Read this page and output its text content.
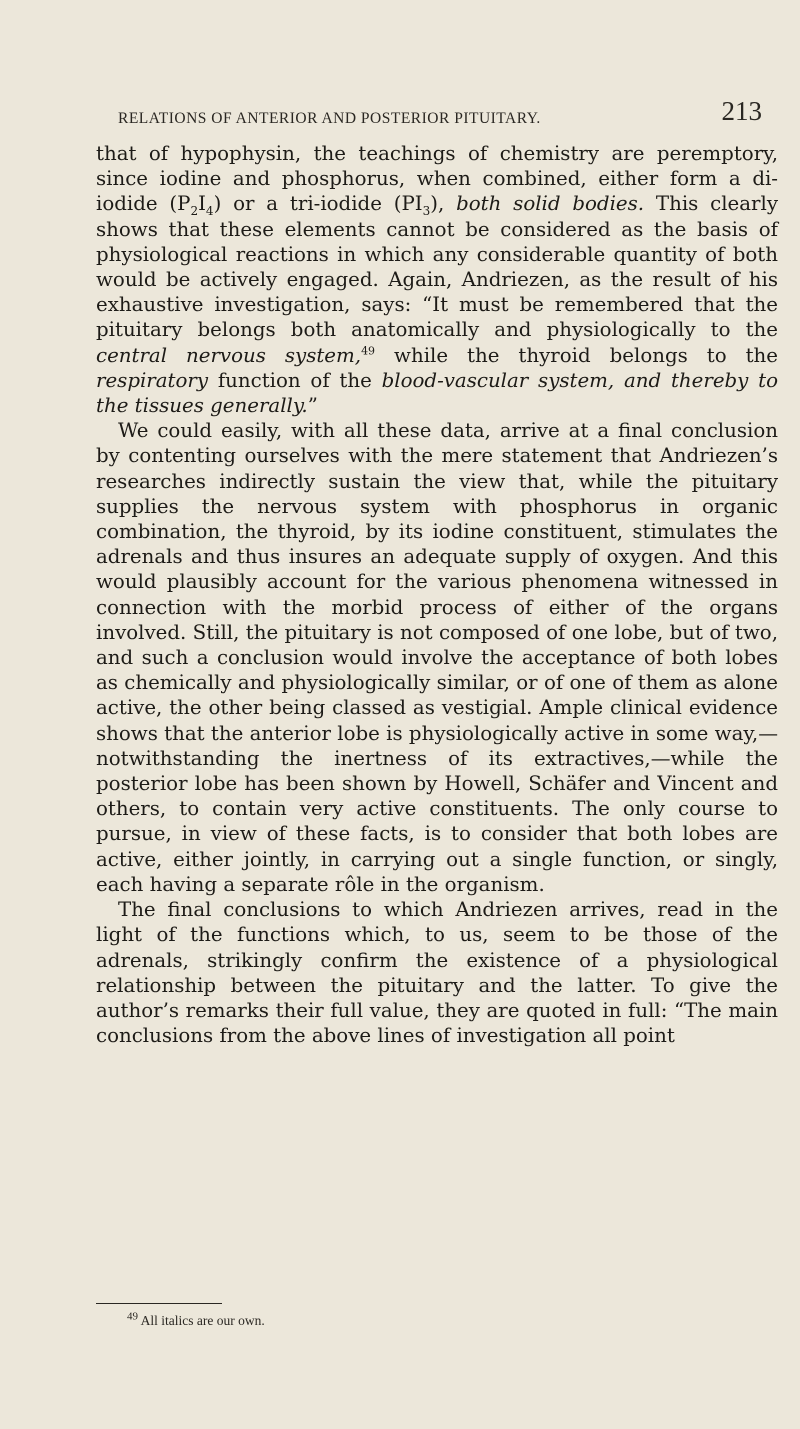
RELATIONS OF ANTERIOR AND POSTERIOR PITUITARY.	213

that of hypophysin, the teachings of chemistry are peremptory, since iodine and phosphorus, when combined, either form a di-iodide $(P_2I_4)$ or a tri-iodide $(PI_3)$, both solid bodies. This clearly shows that these elements cannot be considered as the basis of physiological reactions in which any considerable quantity of both would be actively engaged. Again, Andriezen, as the result of his exhaustive investigation, says: “It must be remembered that the pituitary belongs both anatomically and physiologically to the central nervous system,$^{49}$ while the thyroid belongs to the respiratory function of the blood-vascular system, and thereby to the tissues generally.”

We could easily, with all these data, arrive at a final conclusion by contenting ourselves with the mere statement that Andriezen’s researches indirectly sustain the view that, while the pituitary supplies the nervous system with phosphorus in organic combination, the thyroid, by its iodine constituent, stimulates the adrenals and thus insures an adequate supply of oxygen. And this would plausibly account for the various phenomena witnessed in connection with the morbid process of either of the organs involved. Still, the pituitary is not composed of one lobe, but of two, and such a conclusion would involve the acceptance of both lobes as chemically and physiologically similar, or of one of them as alone active, the other being classed as vestigial. Ample clinical evidence shows that the anterior lobe is physiologically active in some way,—notwithstanding the inertness of its extractives,—while the posterior lobe has been shown by Howell, Schäfer and Vincent and others, to contain very active constituents. The only course to pursue, in view of these facts, is to consider that both lobes are active, either jointly, in carrying out a single function, or singly, each having a separate rôle in the organism.

The final conclusions to which Andriezen arrives, read in the light of the functions which, to us, seem to be those of the adrenals, strikingly confirm the existence of a physiological relationship between the pituitary and the latter. To give the author’s remarks their full value, they are quoted in full: “The main conclusions from the above lines of investigation all point

$^{49}$ All italics are our own.
